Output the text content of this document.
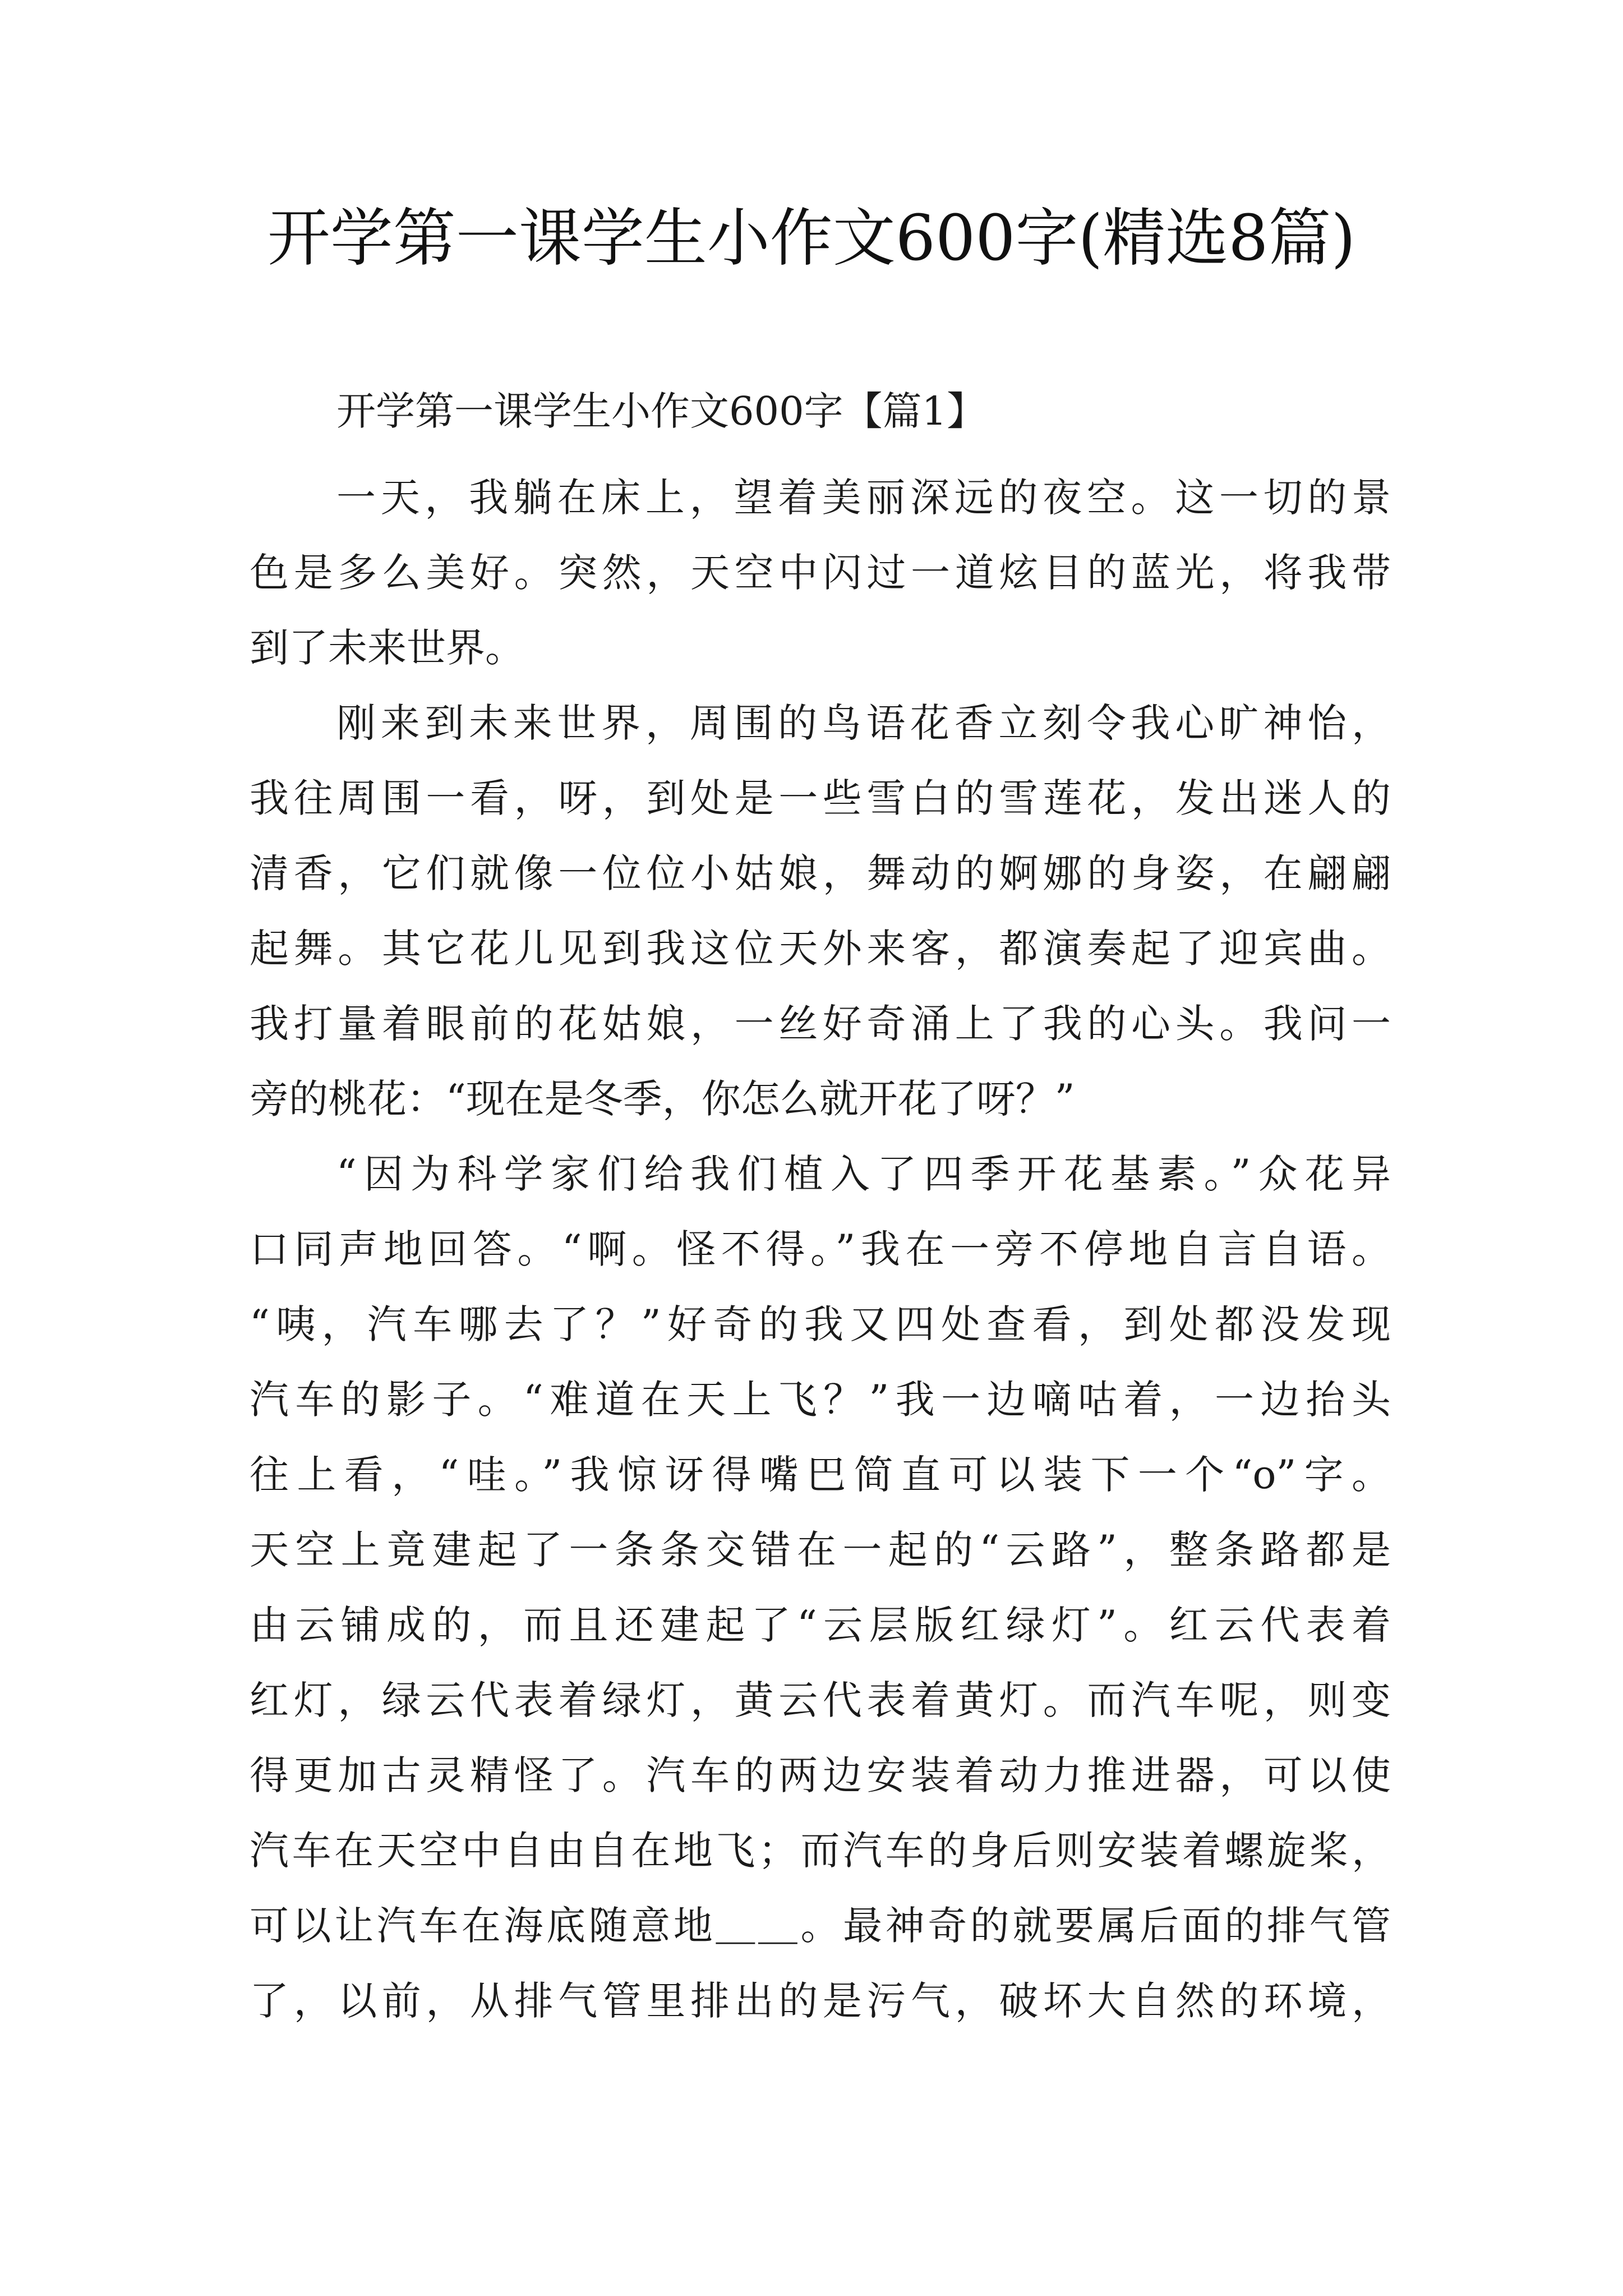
开学第一课学生小作文600字(精选8篇)
开学第一课学生小作文600字【篇1】
一天，我躺在床上，望着美丽深远的夜空。这一切的景
色是多么美好。突然，天空中闪过一道炫目的蓝光，将我带
到了未来世界。
刚来到未来世界，周围的鸟语花香立刻令我心旷神怡，
我往周围一看，呀，到处是一些雪白的雪莲花，发出迷人的
清香，它们就像一位位小姑娘，舞动的婀娜的身姿，在翩翩
起舞。其它花儿见到我这位天外来客，都演奏起了迎宾曲。
我打量着眼前的花姑娘，一丝好奇涌上了我的心头。我问一
旁的桃花：“现在是冬季，你怎么就开花了呀？”
“因为科学家们给我们植入了四季开花基素。”众花异
口同声地回答。“啊。怪不得。”我在一旁不停地自言自语。
“咦，汽车哪去了？”好奇的我又四处查看，到处都没发现
汽车的影子。“难道在天上飞？”我一边嘀咕着，一边抬头
往上看，“哇。”我惊讶得嘴巴简直可以装下一个“o”字。
天空上竟建起了一条条交错在一起的“云路”，整条路都是
由云铺成的，而且还建起了“云层版红绿灯”。红云代表着
红灯，绿云代表着绿灯，黄云代表着黄灯。而汽车呢，则变
得更加古灵精怪了。汽车的两边安装着动力推进器，可以使
汽车在天空中自由自在地飞；而汽车的身后则安装着螺旋桨，
可以让汽车在海底随意地＿＿。最神奇的就要属后面的排气管
了，以前，从排气管里排出的是污气，破坏大自然的环境，
